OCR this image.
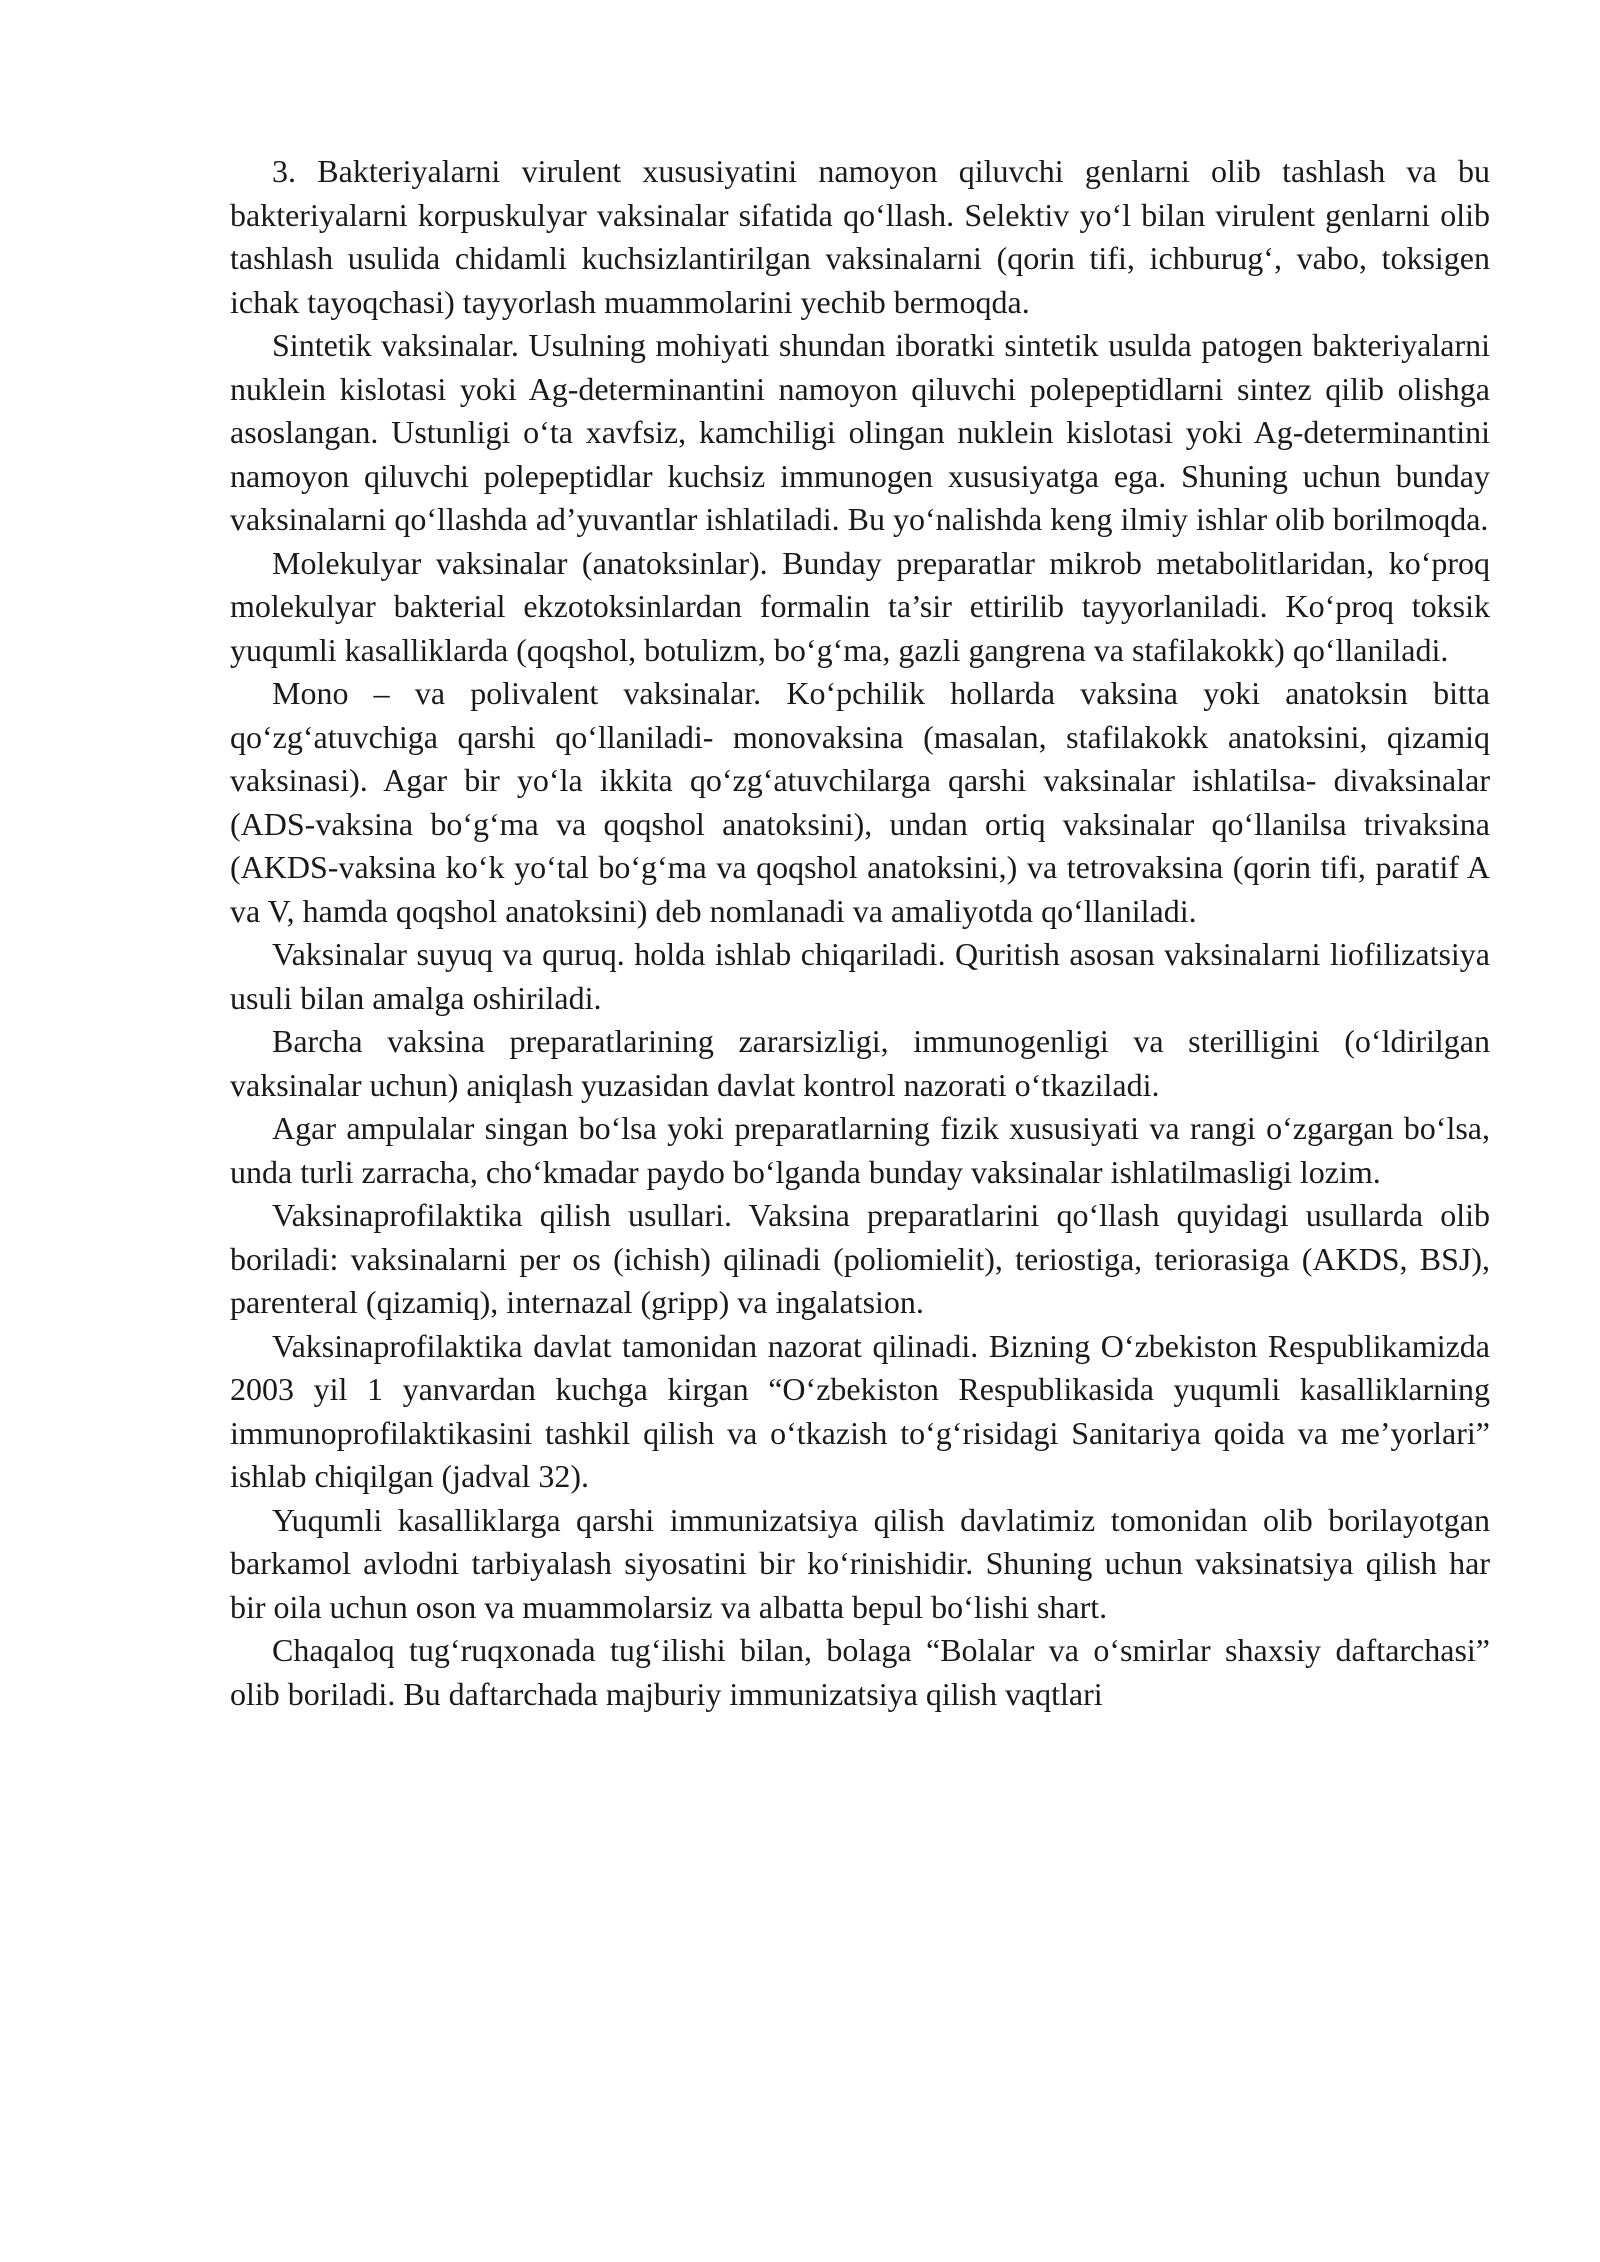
3. Bakteriyalarni virulent xususiyatini namoyon qiluvchi genlarni olib tashlash va bu bakteriyalarni korpuskulyar vaksinalar sifatida qo‘llash. Selektiv yo‘l bilan virulent genlarni olib tashlash usulida chidamli kuchsizlantirilgan vaksinalarni (qorin tifi, ichburug‘, vabo, toksigen ichak tayoqchasi) tayyorlash muammolarini yechib bermoqda.

Sintetik vaksinalar. Usulning mohiyati shundan iboratki sintetik usulda patogen bakteriyalarni nuklein kislotasi yoki Ag-determinantini namoyon qiluvchi polepeptidlarni sintez qilib olishga asoslangan. Ustunligi o‘ta xavfsiz, kamchiligi olingan nuklein kislotasi yoki Ag-determinantini namoyon qiluvchi polepeptidlar kuchsiz immunogen xususiyatga ega. Shuning uchun bunday vaksinalarni qo‘llashda ad’yuvantlar ishlatiladi. Bu yo‘nalishda keng ilmiy ishlar olib borilmoqda.

Molekulyar vaksinalar (anatoksinlar). Bunday preparatlar mikrob metabolitlaridan, ko‘proq molekulyar bakterial ekzotoksinlardan formalin ta’sir ettirilib tayyorlaniladi. Ko‘proq toksik yuqumli kasalliklarda (qoqshol, botulizm, bo‘g‘ma, gazli gangrena va stafilakokk) qo‘llaniladi.

Mono – va polivalent vaksinalar. Ko‘pchilik hollarda vaksina yoki anatoksin bitta qo‘zg‘atuvchiga qarshi qo‘llaniladi- monovaksina (masalan, stafilakokk anatoksini, qizamiq vaksinasi). Agar bir yo‘la ikkita qo‘zg‘atuvchilarga qarshi vaksinalar ishlatilsa- divaksinalar (ADS-vaksina bo‘g‘ma va qoqshol anatoksini), undan ortiq vaksinalar qo‘llanilsa trivaksina (AKDS-vaksina ko‘k yo‘tal bo‘g‘ma va qoqshol anatoksini,) va tetrovaksina (qorin tifi, paratif A va V, hamda qoqshol anatoksini) deb nomlanadi va amaliyotda qo‘llaniladi.

Vaksinalar suyuq va quruq. holda ishlab chiqariladi. Quritish asosan vaksinalarni liofilizatsiya usuli bilan amalga oshiriladi.

Barcha vaksina preparatlarining zararsizligi, immunogenligi va sterilligini (o‘ldirilgan vaksinalar uchun) aniqlash yuzasidan davlat kontrol nazorati o‘tkaziladi.

Agar ampulalar singan bo‘lsa yoki preparatlarning fizik xususiyati va rangi o‘zgargan bo‘lsa, unda turli zarracha, cho‘kmadar paydo bo‘lganda bunday vaksinalar ishlatilmasligi lozim.

Vaksinaprofilaktika qilish usullari. Vaksina preparatlarini qo‘llash quyidagi usullarda olib boriladi: vaksinalarni per os (ichish) qilinadi (poliomielit), teriostiga, teriorasiga (AKDS, BSJ), parenteral (qizamiq), internazal (gripp) va ingalatsion.

Vaksinaprofilaktika davlat tamonidan nazorat qilinadi. Bizning O‘zbekiston Respublikamizda 2003 yil 1 yanvardan kuchga kirgan “O‘zbekiston Respublikasida yuqumli kasalliklarning immunoprofilaktikasini tashkil qilish va o‘tkazish to‘g‘risidagi Sanitariya qoida va me’yorlari” ishlab chiqilgan (jadval 32).

Yuqumli kasalliklarga qarshi immunizatsiya qilish davlatimiz tomonidan olib borilayotgan barkamol avlodni tarbiyalash siyosatini bir ko‘rinishidir. Shuning uchun vaksinatsiya qilish har bir oila uchun oson va muammolarsiz va albatta bepul bo‘lishi shart.

Chaqaloq tug‘ruqxonada tug‘ilishi bilan, bolaga “Bolalar va o‘smirlar shaxsiy daftarchasi” olib boriladi. Bu daftarchada majburiy immunizatsiya qilish vaqtlari
